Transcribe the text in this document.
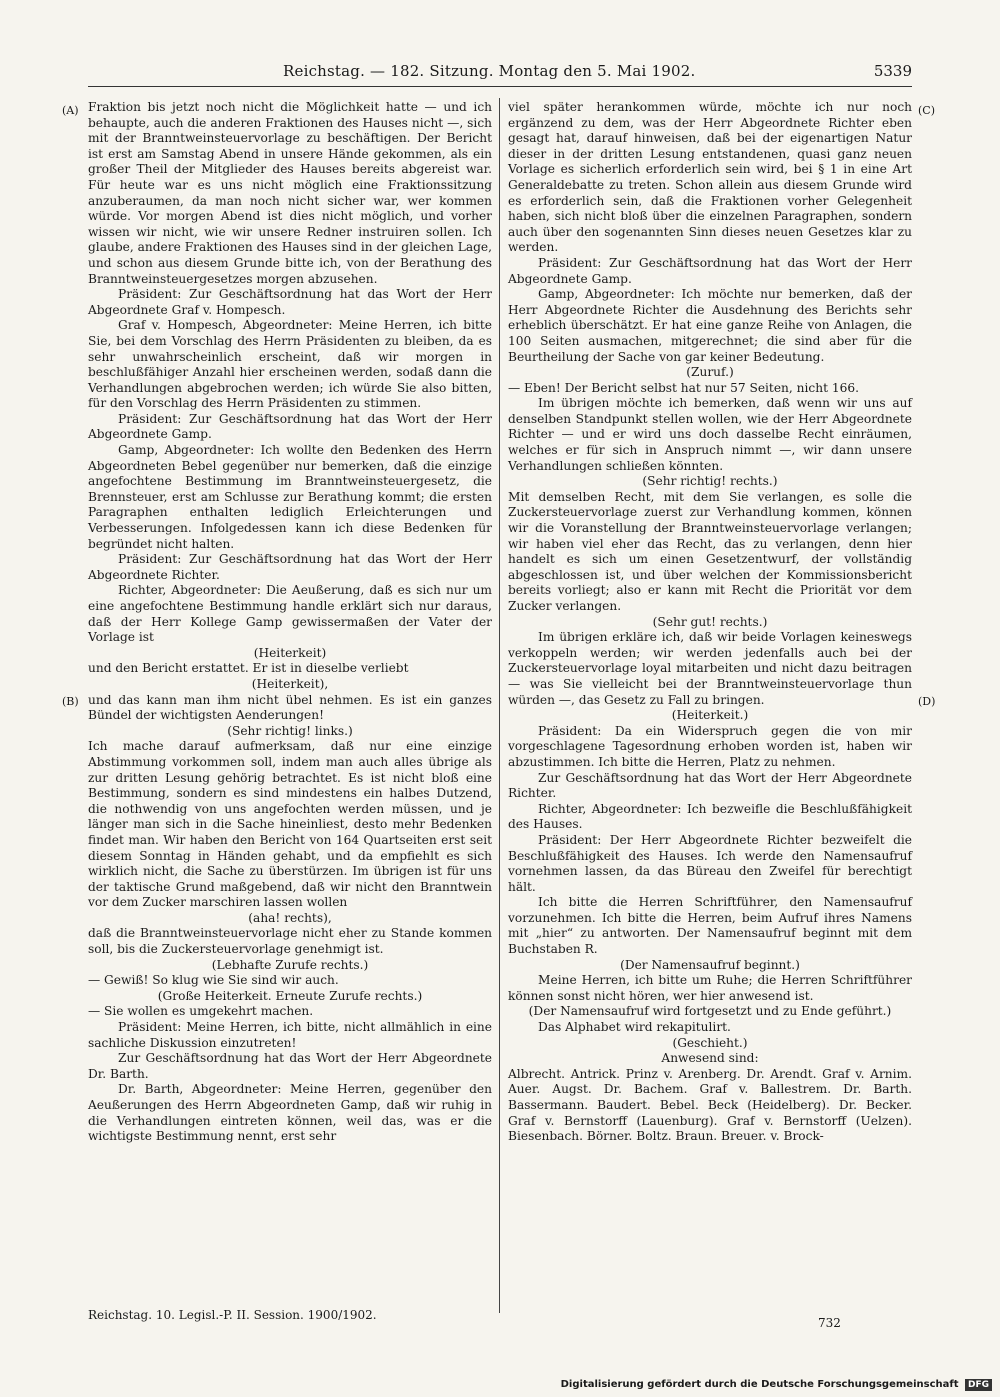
Reichstag. — 182. Sitzung. Montag den 5. Mai 1902.	5339
(A)
(B)
(C)
(D)

Fraktion bis jetzt noch nicht die Möglichkeit hatte — und ich behaupte, auch die anderen Fraktionen des Hauses nicht —, sich mit der Branntweinsteuervorlage zu beschäftigen. Der Bericht ist erst am Samstag Abend in unsere Hände gekommen, als ein großer Theil der Mitglieder des Hauses bereits abgereist war. Für heute war es uns nicht möglich eine Fraktionssitzung anzuberaumen, da man noch nicht sicher war, wer kommen würde. Vor morgen Abend ist dies nicht möglich, und vorher wissen wir nicht, wie wir unsere Redner instruiren sollen. Ich glaube, andere Fraktionen des Hauses sind in der gleichen Lage, und schon aus diesem Grunde bitte ich, von der Berathung des Branntweinsteuergesetzes morgen abzusehen.

Präsident: Zur Geschäftsordnung hat das Wort der Herr Abgeordnete Graf v. Hompesch.

Graf v. Hompesch, Abgeordneter: Meine Herren, ich bitte Sie, bei dem Vorschlag des Herrn Präsidenten zu bleiben, da es sehr unwahrscheinlich erscheint, daß wir morgen in beschlußfähiger Anzahl hier erscheinen werden, sodaß dann die Verhandlungen abgebrochen werden; ich würde Sie also bitten, für den Vorschlag des Herrn Präsidenten zu stimmen.

Präsident: Zur Geschäftsordnung hat das Wort der Herr Abgeordnete Gamp.

Gamp, Abgeordneter: Ich wollte den Bedenken des Herrn Abgeordneten Bebel gegenüber nur bemerken, daß die einzige angefochtene Bestimmung im Branntweinsteuergesetz, die Brennsteuer, erst am Schlusse zur Berathung kommt; die ersten Paragraphen enthalten lediglich Erleichterungen und Verbesserungen. Infolgedessen kann ich diese Bedenken für begründet nicht halten.

Präsident: Zur Geschäftsordnung hat das Wort der Herr Abgeordnete Richter.

Richter, Abgeordneter: Die Aeußerung, daß es sich nur um eine angefochtene Bestimmung handle erklärt sich nur daraus, daß der Herr Kollege Gamp gewissermaßen der Vater der Vorlage ist

(Heiterkeit)

und den Bericht erstattet. Er ist in dieselbe verliebt

(Heiterkeit),

und das kann man ihm nicht übel nehmen. Es ist ein ganzes Bündel der wichtigsten Aenderungen!

(Sehr richtig! links.)

Ich mache darauf aufmerksam, daß nur eine einzige Abstimmung vorkommen soll, indem man auch alles übrige als zur dritten Lesung gehörig betrachtet. Es ist nicht bloß eine Bestimmung, sondern es sind mindestens ein halbes Dutzend, die nothwendig von uns angefochten werden müssen, und je länger man sich in die Sache hineinliest, desto mehr Bedenken findet man. Wir haben den Bericht von 164 Quartseiten erst seit diesem Sonntag in Händen gehabt, und da empfiehlt es sich wirklich nicht, die Sache zu überstürzen. Im übrigen ist für uns der taktische Grund maßgebend, daß wir nicht den Branntwein vor dem Zucker marschiren lassen wollen

(aha! rechts),

daß die Branntweinsteuervorlage nicht eher zu Stande kommen soll, bis die Zuckersteuervorlage genehmigt ist.

(Lebhafte Zurufe rechts.)

— Gewiß! So klug wie Sie sind wir auch.

(Große Heiterkeit. Erneute Zurufe rechts.)

— Sie wollen es umgekehrt machen.

Präsident: Meine Herren, ich bitte, nicht allmählich in eine sachliche Diskussion einzutreten!

Zur Geschäftsordnung hat das Wort der Herr Abgeordnete Dr. Barth.

Dr. Barth, Abgeordneter: Meine Herren, gegenüber den Aeußerungen des Herrn Abgeordneten Gamp, daß wir ruhig in die Verhandlungen eintreten können, weil das, was er die wichtigste Bestimmung nennt, erst sehr

viel später herankommen würde, möchte ich nur noch ergänzend zu dem, was der Herr Abgeordnete Richter eben gesagt hat, darauf hinweisen, daß bei der eigenartigen Natur dieser in der dritten Lesung entstandenen, quasi ganz neuen Vorlage es sicherlich erforderlich sein wird, bei § 1 in eine Art Generaldebatte zu treten. Schon allein aus diesem Grunde wird es erforderlich sein, daß die Fraktionen vorher Gelegenheit haben, sich nicht bloß über die einzelnen Paragraphen, sondern auch über den sogenannten Sinn dieses neuen Gesetzes klar zu werden.

Präsident: Zur Geschäftsordnung hat das Wort der Herr Abgeordnete Gamp.

Gamp, Abgeordneter: Ich möchte nur bemerken, daß der Herr Abgeordnete Richter die Ausdehnung des Berichts sehr erheblich überschätzt. Er hat eine ganze Reihe von Anlagen, die 100 Seiten ausmachen, mitgerechnet; die sind aber für die Beurtheilung der Sache von gar keiner Bedeutung.

(Zuruf.)

— Eben! Der Bericht selbst hat nur 57 Seiten, nicht 166.

Im übrigen möchte ich bemerken, daß wenn wir uns auf denselben Standpunkt stellen wollen, wie der Herr Abgeordnete Richter — und er wird uns doch dasselbe Recht einräumen, welches er für sich in Anspruch nimmt —, wir dann unsere Verhandlungen schließen könnten.

(Sehr richtig! rechts.)

Mit demselben Recht, mit dem Sie verlangen, es solle die Zuckersteuervorlage zuerst zur Verhandlung kommen, können wir die Voranstellung der Branntweinsteuervorlage verlangen; wir haben viel eher das Recht, das zu verlangen, denn hier handelt es sich um einen Gesetzentwurf, der vollständig abgeschlossen ist, und über welchen der Kommissionsbericht bereits vorliegt; also er kann mit Recht die Priorität vor dem Zucker verlangen.

(Sehr gut! rechts.)

Im übrigen erkläre ich, daß wir beide Vorlagen keineswegs verkoppeln werden; wir werden jedenfalls auch bei der Zuckersteuervorlage loyal mitarbeiten und nicht dazu beitragen — was Sie vielleicht bei der Branntweinsteuervorlage thun würden —, das Gesetz zu Fall zu bringen.

(Heiterkeit.)

Präsident: Da ein Widerspruch gegen die von mir vorgeschlagene Tagesordnung erhoben worden ist, haben wir abzustimmen. Ich bitte die Herren, Platz zu nehmen.

Zur Geschäftsordnung hat das Wort der Herr Abgeordnete Richter.

Richter, Abgeordneter: Ich bezweifle die Beschlußfähigkeit des Hauses.

Präsident: Der Herr Abgeordnete Richter bezweifelt die Beschlußfähigkeit des Hauses. Ich werde den Namensaufruf vornehmen lassen, da das Büreau den Zweifel für berechtigt hält.

Ich bitte die Herren Schriftführer, den Namensaufruf vorzunehmen. Ich bitte die Herren, beim Aufruf ihres Namens mit „hier“ zu antworten. Der Namensaufruf beginnt mit dem Buchstaben R.

(Der Namensaufruf beginnt.)

Meine Herren, ich bitte um Ruhe; die Herren Schriftführer können sonst nicht hören, wer hier anwesend ist.

(Der Namensaufruf wird fortgesetzt und zu Ende geführt.)

Das Alphabet wird rekapitulirt.

(Geschieht.)

Anwesend sind:

Albrecht. Antrick. Prinz v. Arenberg. Dr. Arendt. Graf v. Arnim. Auer. Augst. Dr. Bachem. Graf v. Ballestrem. Dr. Barth. Bassermann. Baudert. Bebel. Beck (Heidelberg). Dr. Becker. Graf v. Bernstorff (Lauenburg). Graf v. Bernstorff (Uelzen). Biesenbach. Börner. Boltz. Braun. Breuer. v. Brock-

Reichstag. 10. Legisl.-P. II. Session. 1900/1902.
732
Digitalisierung gefördert durch die Deutsche Forschungsgemeinschaft DFG
